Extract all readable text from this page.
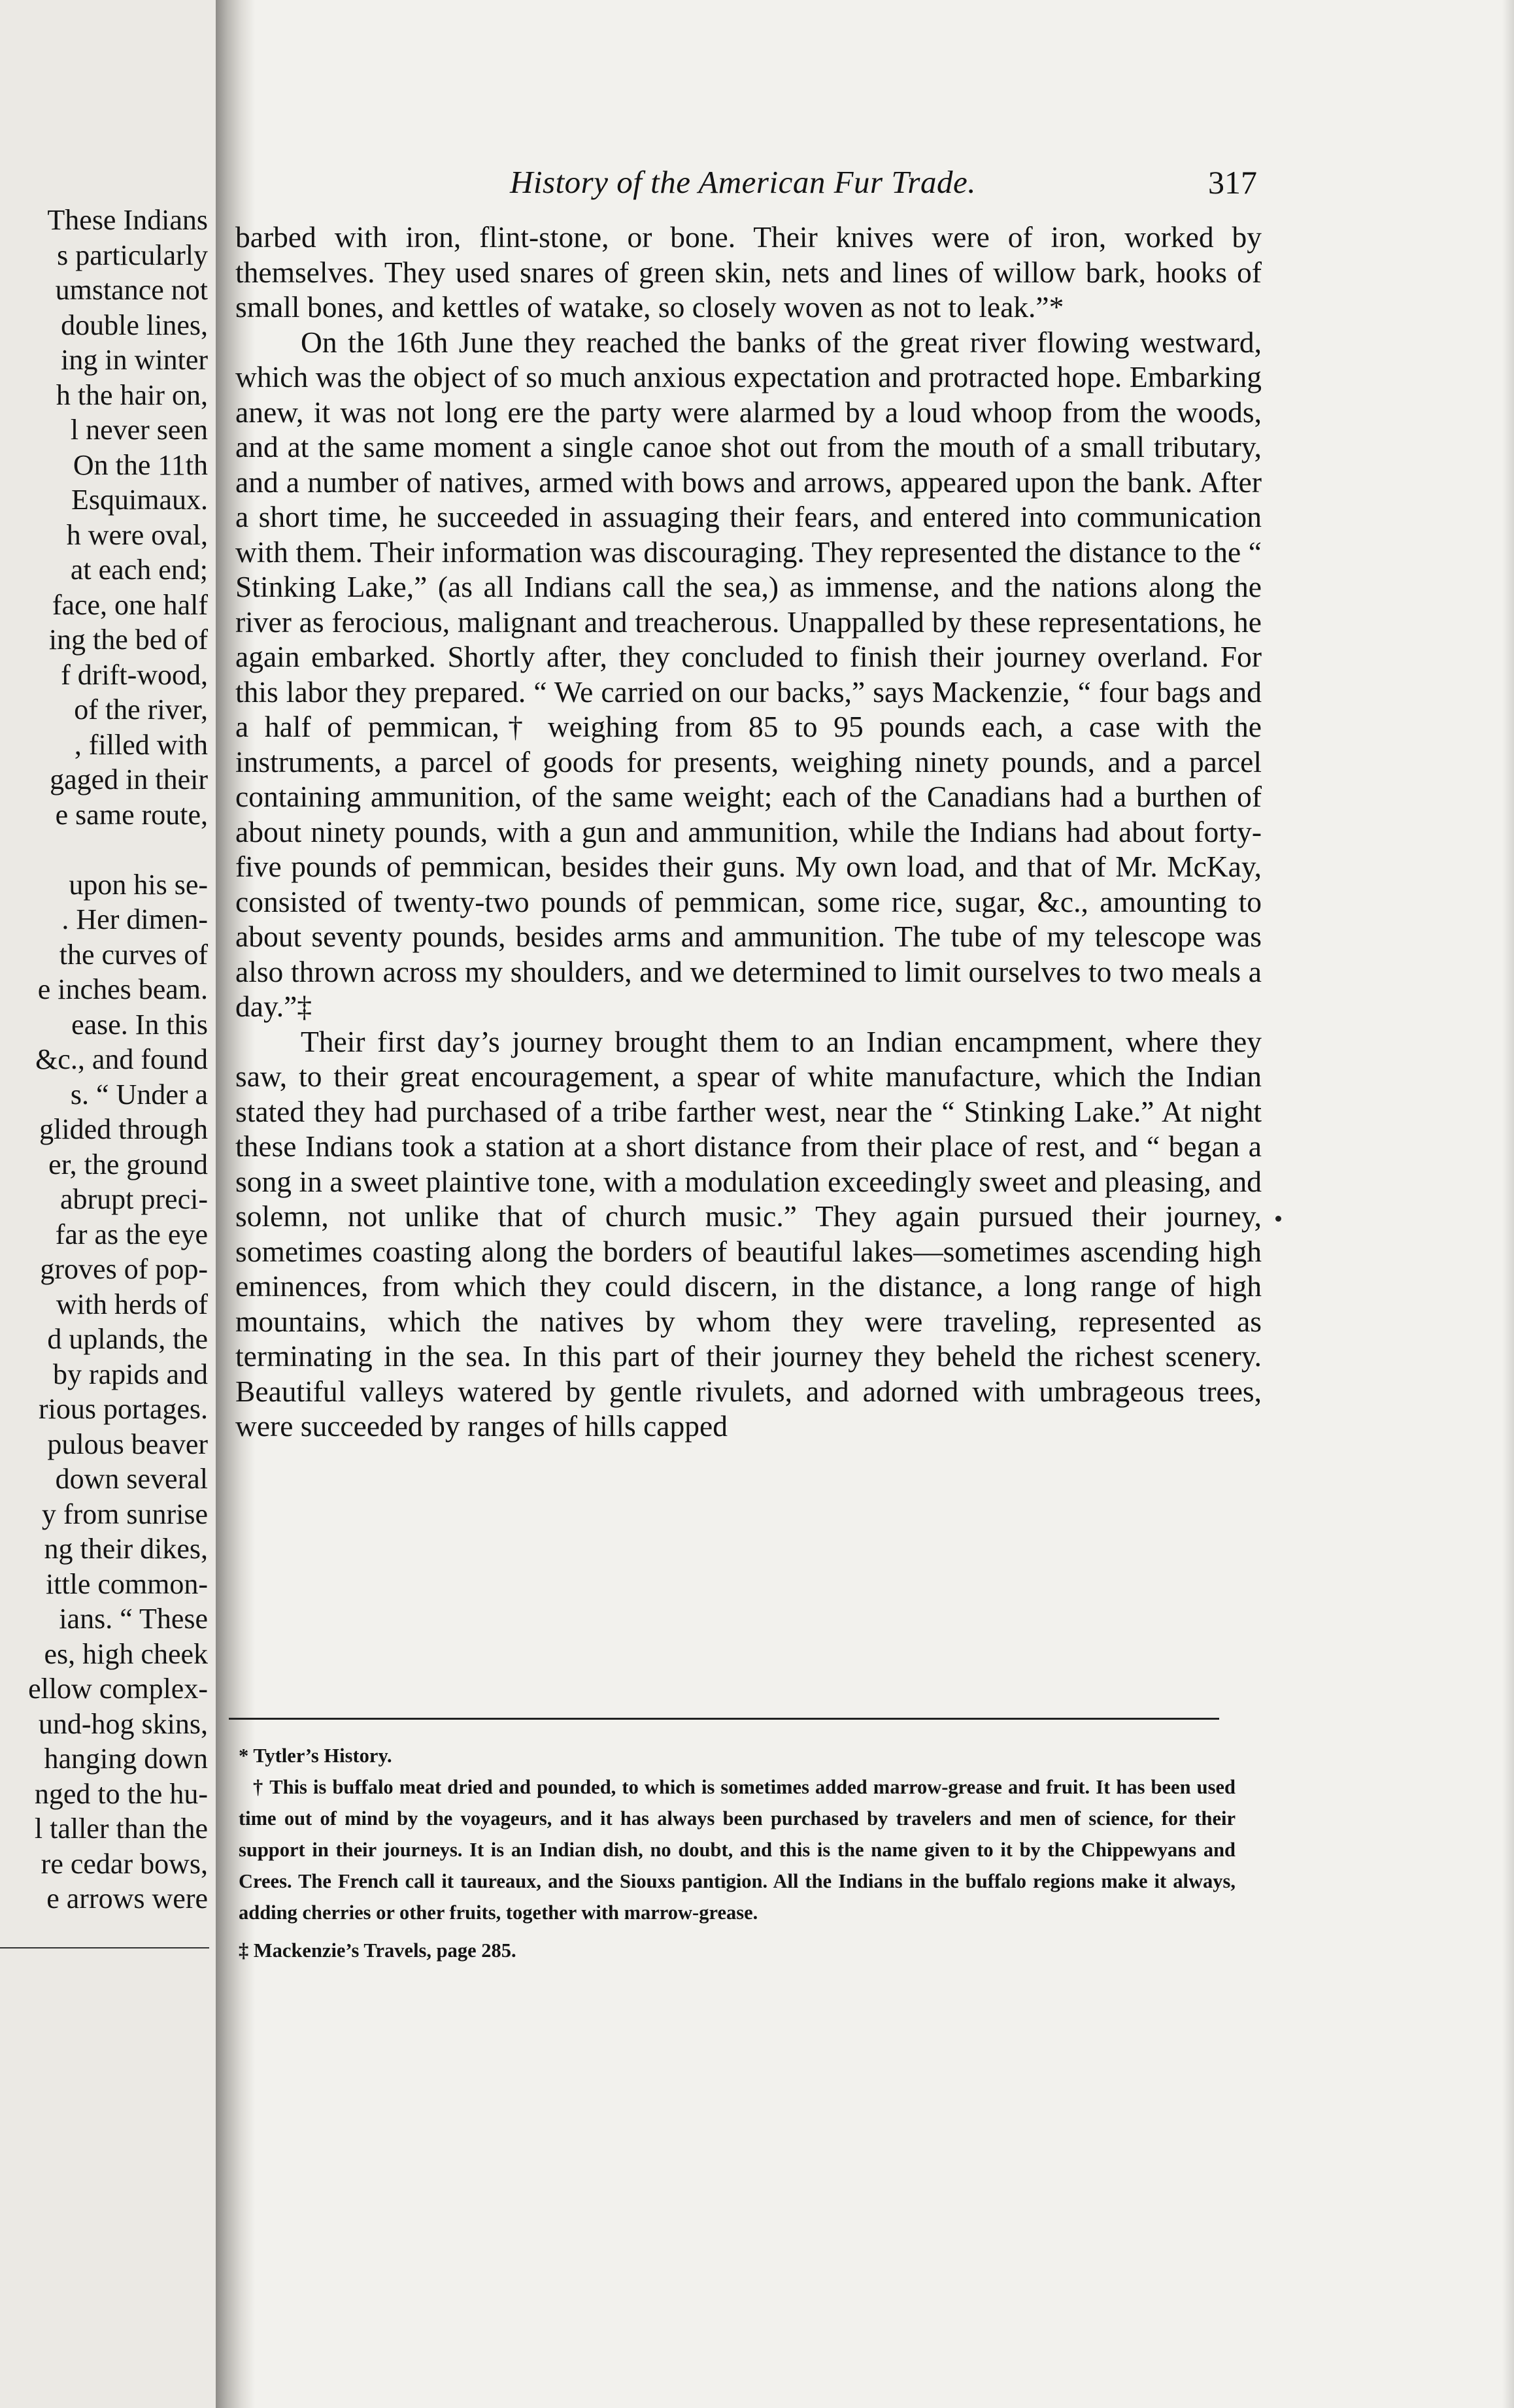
These Indians
s particularly
umstance not
double lines,
ing in winter
h the hair on,
l never seen
On the 11th
Esquimaux.
h were oval,
at each end;
face, one half
ing the bed of
f drift-wood,
of the river,
, filled with
gaged in their
e same route,
upon his se-
. Her dimen-
the curves of
e inches beam.
ease. In this
&c., and found
s. “ Under a
glided through
er, the ground
abrupt preci-
far as the eye
groves of pop-
with herds of
d uplands, the
by rapids and
rious portages.
pulous beaver
down several
y from sunrise
ng their dikes,
ittle common-
ians. “ These
es, high cheek
ellow complex-
und-hog skins,
hanging down
nged to the hu-
l taller than the
re cedar bows,
e arrows were
History of the American Fur Trade.	317

barbed with iron, flint-stone, or bone. Their knives were of iron, worked by themselves. They used snares of green skin, nets and lines of willow bark, hooks of small bones, and kettles of watake, so closely woven as not to leak.”*

On the 16th June they reached the banks of the great river flowing westward, which was the object of so much anxious expectation and protracted hope. Embarking anew, it was not long ere the party were alarmed by a loud whoop from the woods, and at the same moment a single canoe shot out from the mouth of a small tributary, and a number of natives, armed with bows and arrows, appeared upon the bank. After a short time, he succeeded in assuaging their fears, and entered into communication with them. Their information was discouraging. They represented the distance to the “ Stinking Lake,” (as all Indians call the sea,) as immense, and the nations along the river as ferocious, malignant and treacherous. Unappalled by these representations, he again embarked. Shortly after, they concluded to finish their journey overland. For this labor they prepared. “ We carried on our backs,” says Mackenzie, “ four bags and a half of pemmican,† weighing from 85 to 95 pounds each, a case with the instruments, a parcel of goods for presents, weighing ninety pounds, and a parcel containing ammunition, of the same weight; each of the Canadians had a burthen of about ninety pounds, with a gun and ammunition, while the Indians had about forty-five pounds of pemmican, besides their guns. My own load, and that of Mr. McKay, consisted of twenty-two pounds of pemmican, some rice, sugar, &c., amounting to about seventy pounds, besides arms and ammunition. The tube of my telescope was also thrown across my shoulders, and we determined to limit ourselves to two meals a day.”‡

Their first day’s journey brought them to an Indian encampment, where they saw, to their great encouragement, a spear of white manufacture, which the Indian stated they had purchased of a tribe farther west, near the “ Stinking Lake.” At night these Indians took a station at a short distance from their place of rest, and “ began a song in a sweet plaintive tone, with a modulation exceedingly sweet and pleasing, and solemn, not unlike that of church music.” They again pursued their journey, sometimes coasting along the borders of beautiful lakes—sometimes ascending high eminences, from which they could discern, in the distance, a long range of high mountains, which the natives by whom they were traveling, represented as terminating in the sea. In this part of their journey they beheld the richest scenery. Beautiful valleys watered by gentle rivulets, and adorned with umbrageous trees, were succeeded by ranges of hills capped

* Tytler’s History.

† This is buffalo meat dried and pounded, to which is sometimes added marrow-grease and fruit. It has been used time out of mind by the voyageurs, and it has always been purchased by travelers and men of science, for their support in their journeys. It is an Indian dish, no doubt, and this is the name given to it by the Chippewyans and Crees. The French call it taureaux, and the Siouxs pantigion. All the Indians in the buffalo regions make it always, adding cherries or other fruits, together with marrow-grease.

‡ Mackenzie’s Travels, page 285.
